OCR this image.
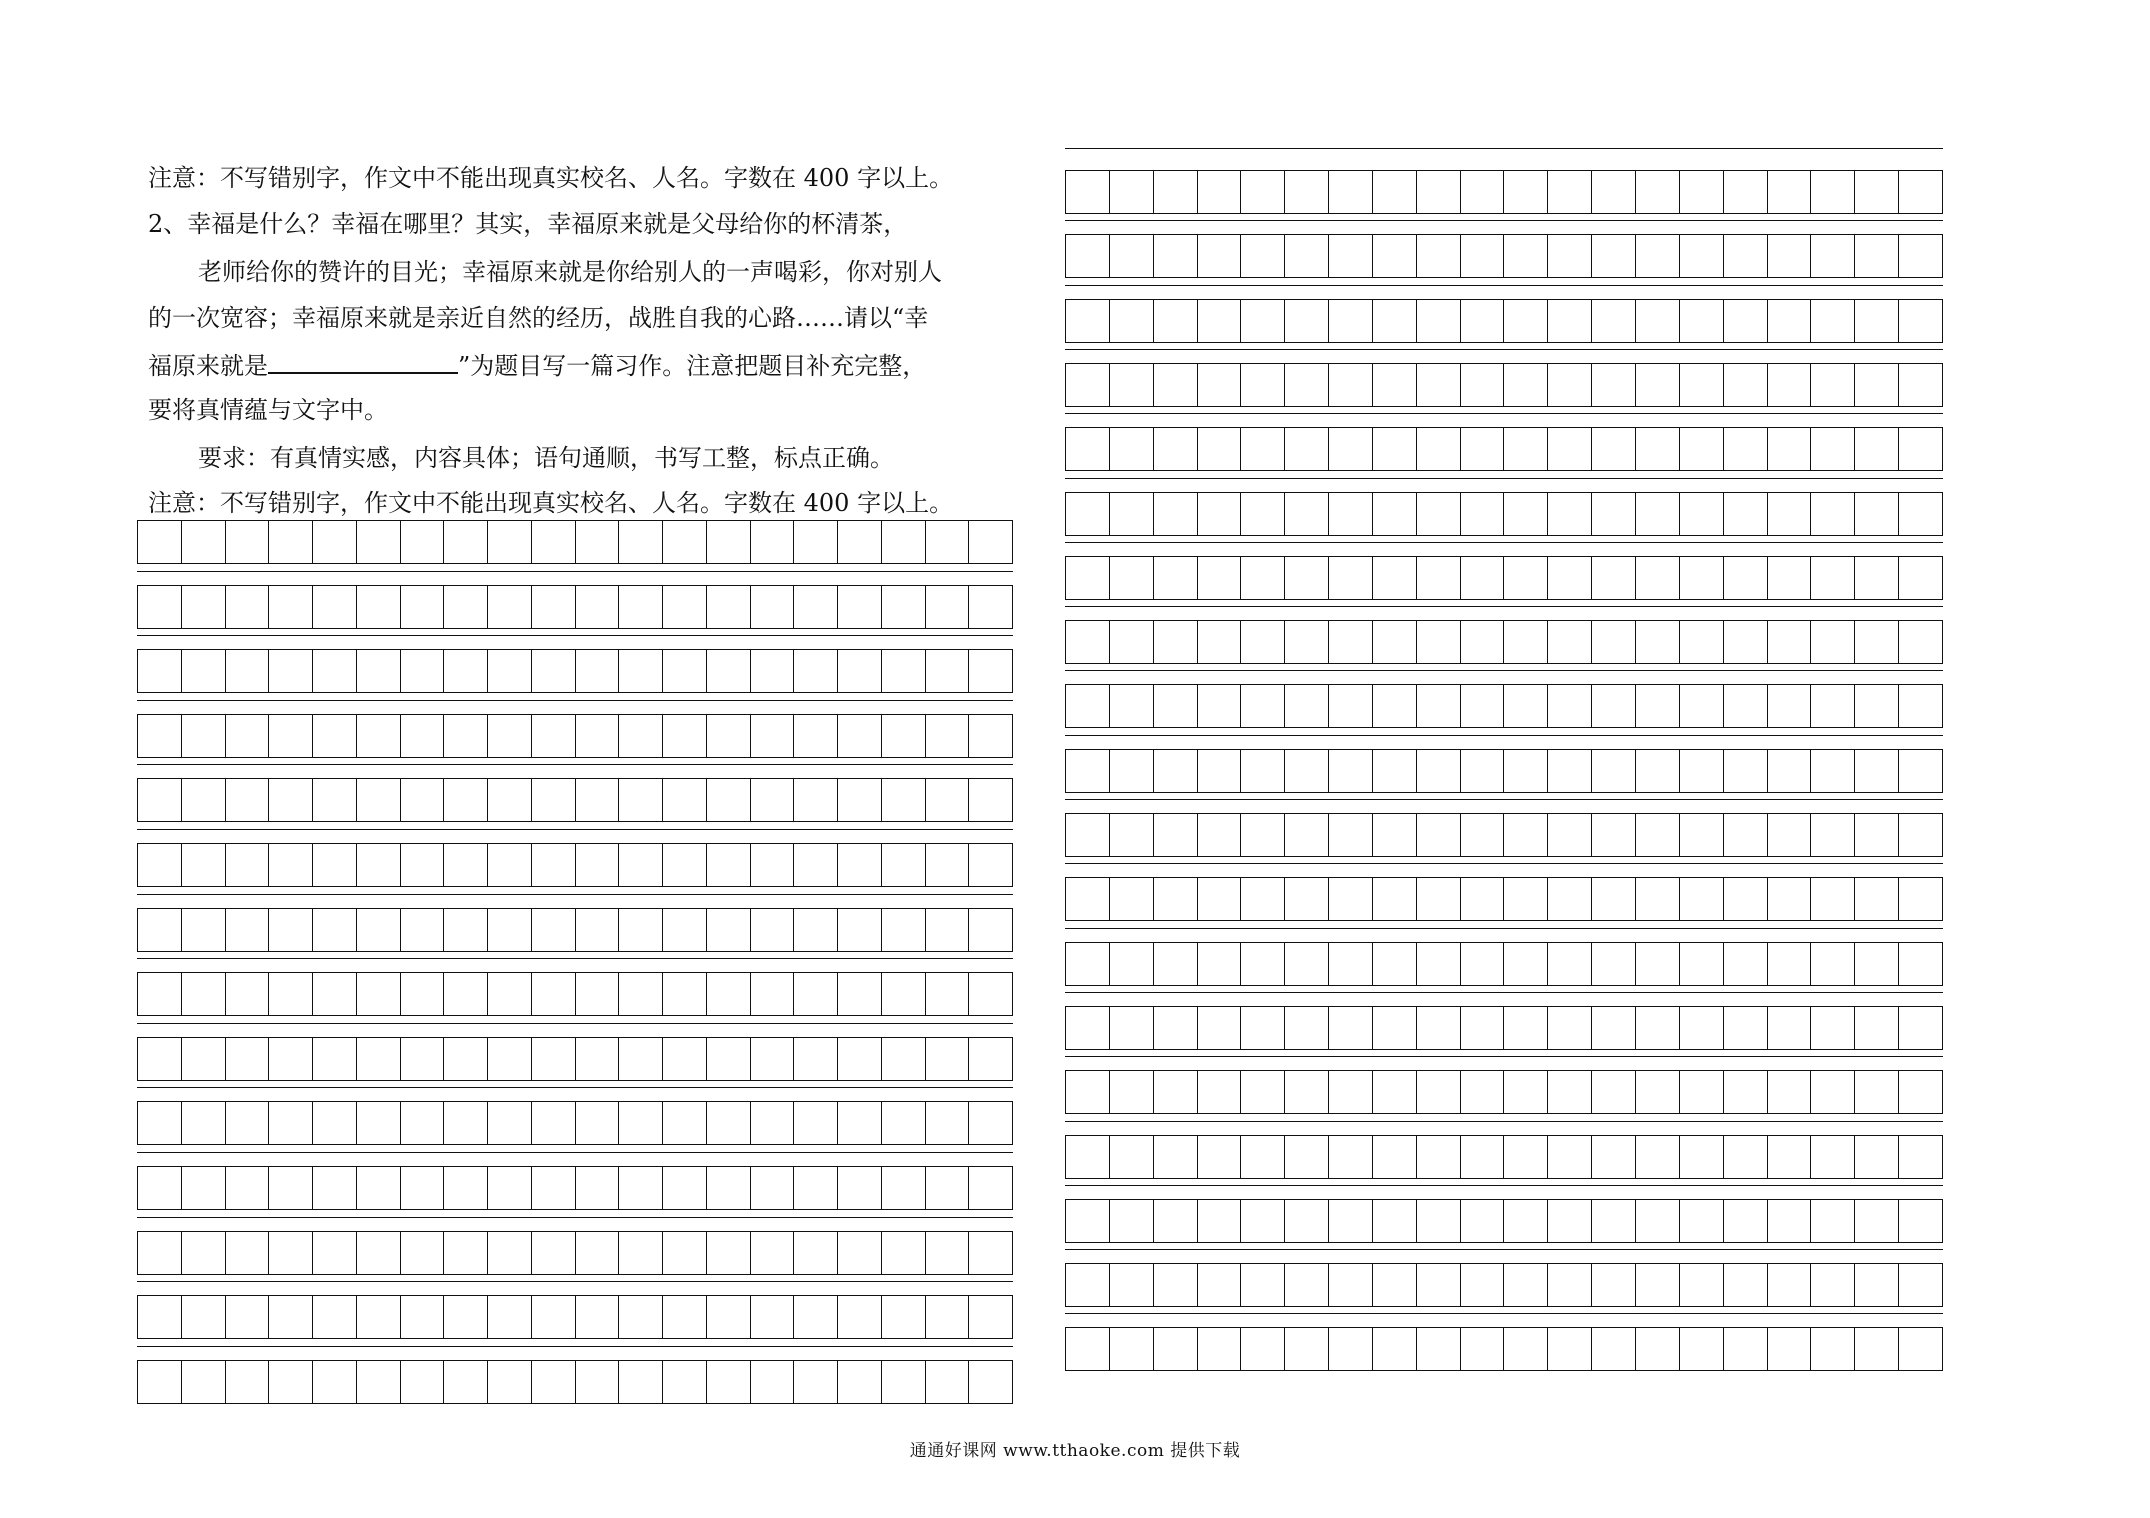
注意：不写错别字，作文中不能出现真实校名、人名。字数在 400 字以上。
2、幸福是什么？幸福在哪里？其实，幸福原来就是父母给你的杯清茶，
老师给你的赞许的目光；幸福原来就是你给别人的一声喝彩，你对别人
的一次宽容；幸福原来就是亲近自然的经历，战胜自我的心路……请以“幸
福原来就是	”为题目写一篇习作。注意把题目补充完整，
要将真情蕴与文字中。
要求：有真情实感，内容具体；语句通顺，书写工整，标点正确。
注意：不写错别字，作文中不能出现真实校名、人名。字数在 400 字以上。
通通好课网 www.tthaoke.com 提供下载
